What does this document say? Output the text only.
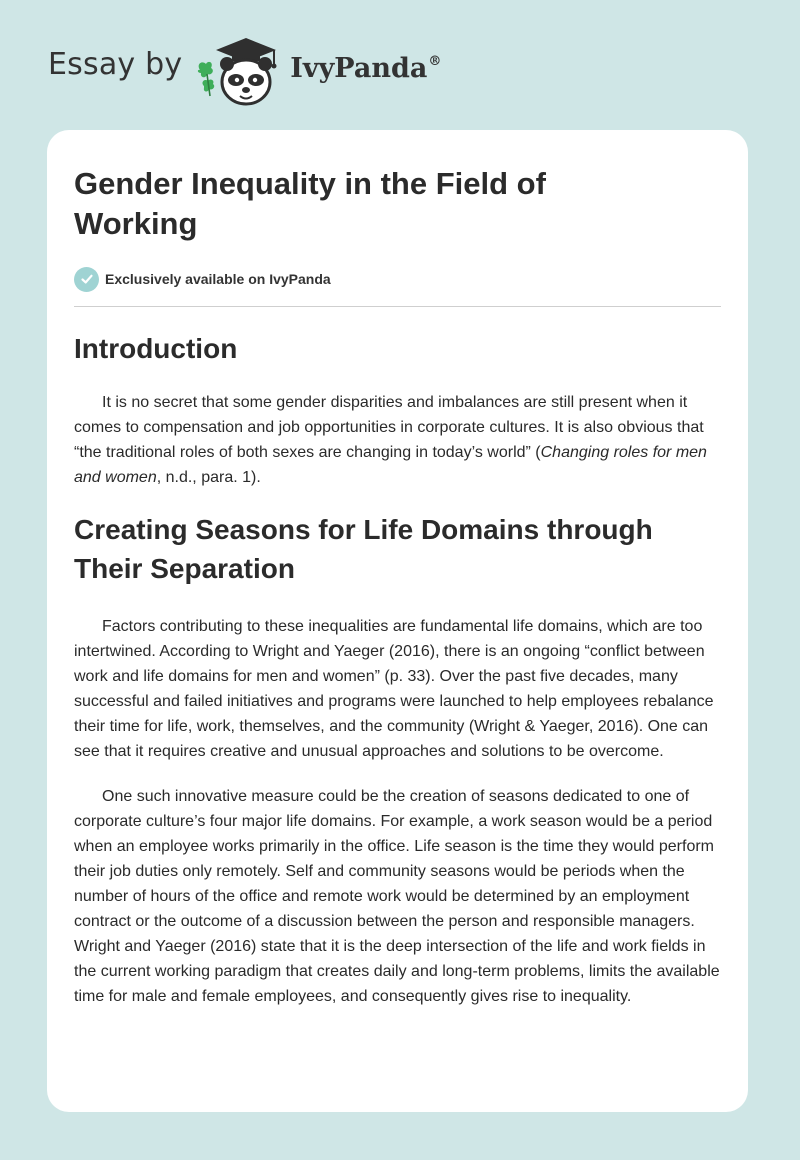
Essay by	IvyPanda®
Gender Inequality in the Field of Working
Exclusively available on IvyPanda
Introduction

It is no secret that some gender disparities and imbalances are still present when it comes to compensation and job opportunities in corporate cultures. It is also obvious that “the traditional roles of both sexes are changing in today’s world” (Changing roles for men and women, n.d., para. 1).

Creating Seasons for Life Domains through Their Separation

Factors contributing to these inequalities are fundamental life domains, which are too intertwined. According to Wright and Yaeger (2016), there is an ongoing “conflict between work and life domains for men and women” (p. 33). Over the past five decades, many successful and failed initiatives and programs were launched to help employees rebalance their time for life, work, themselves, and the community (Wright & Yaeger, 2016). One can see that it requires creative and unusual approaches and solutions to be overcome.

One such innovative measure could be the creation of seasons dedicated to one of corporate culture’s four major life domains. For example, a work season would be a period when an employee works primarily in the office. Life season is the time they would perform their job duties only remotely. Self and community seasons would be periods when the number of hours of the office and remote work would be determined by an employment contract or the outcome of a discussion between the person and responsible managers. Wright and Yaeger (2016) state that it is the deep intersection of the life and work fields in the current working paradigm that creates daily and long-term problems, limits the available time for male and female employees, and consequently gives rise to inequality.
